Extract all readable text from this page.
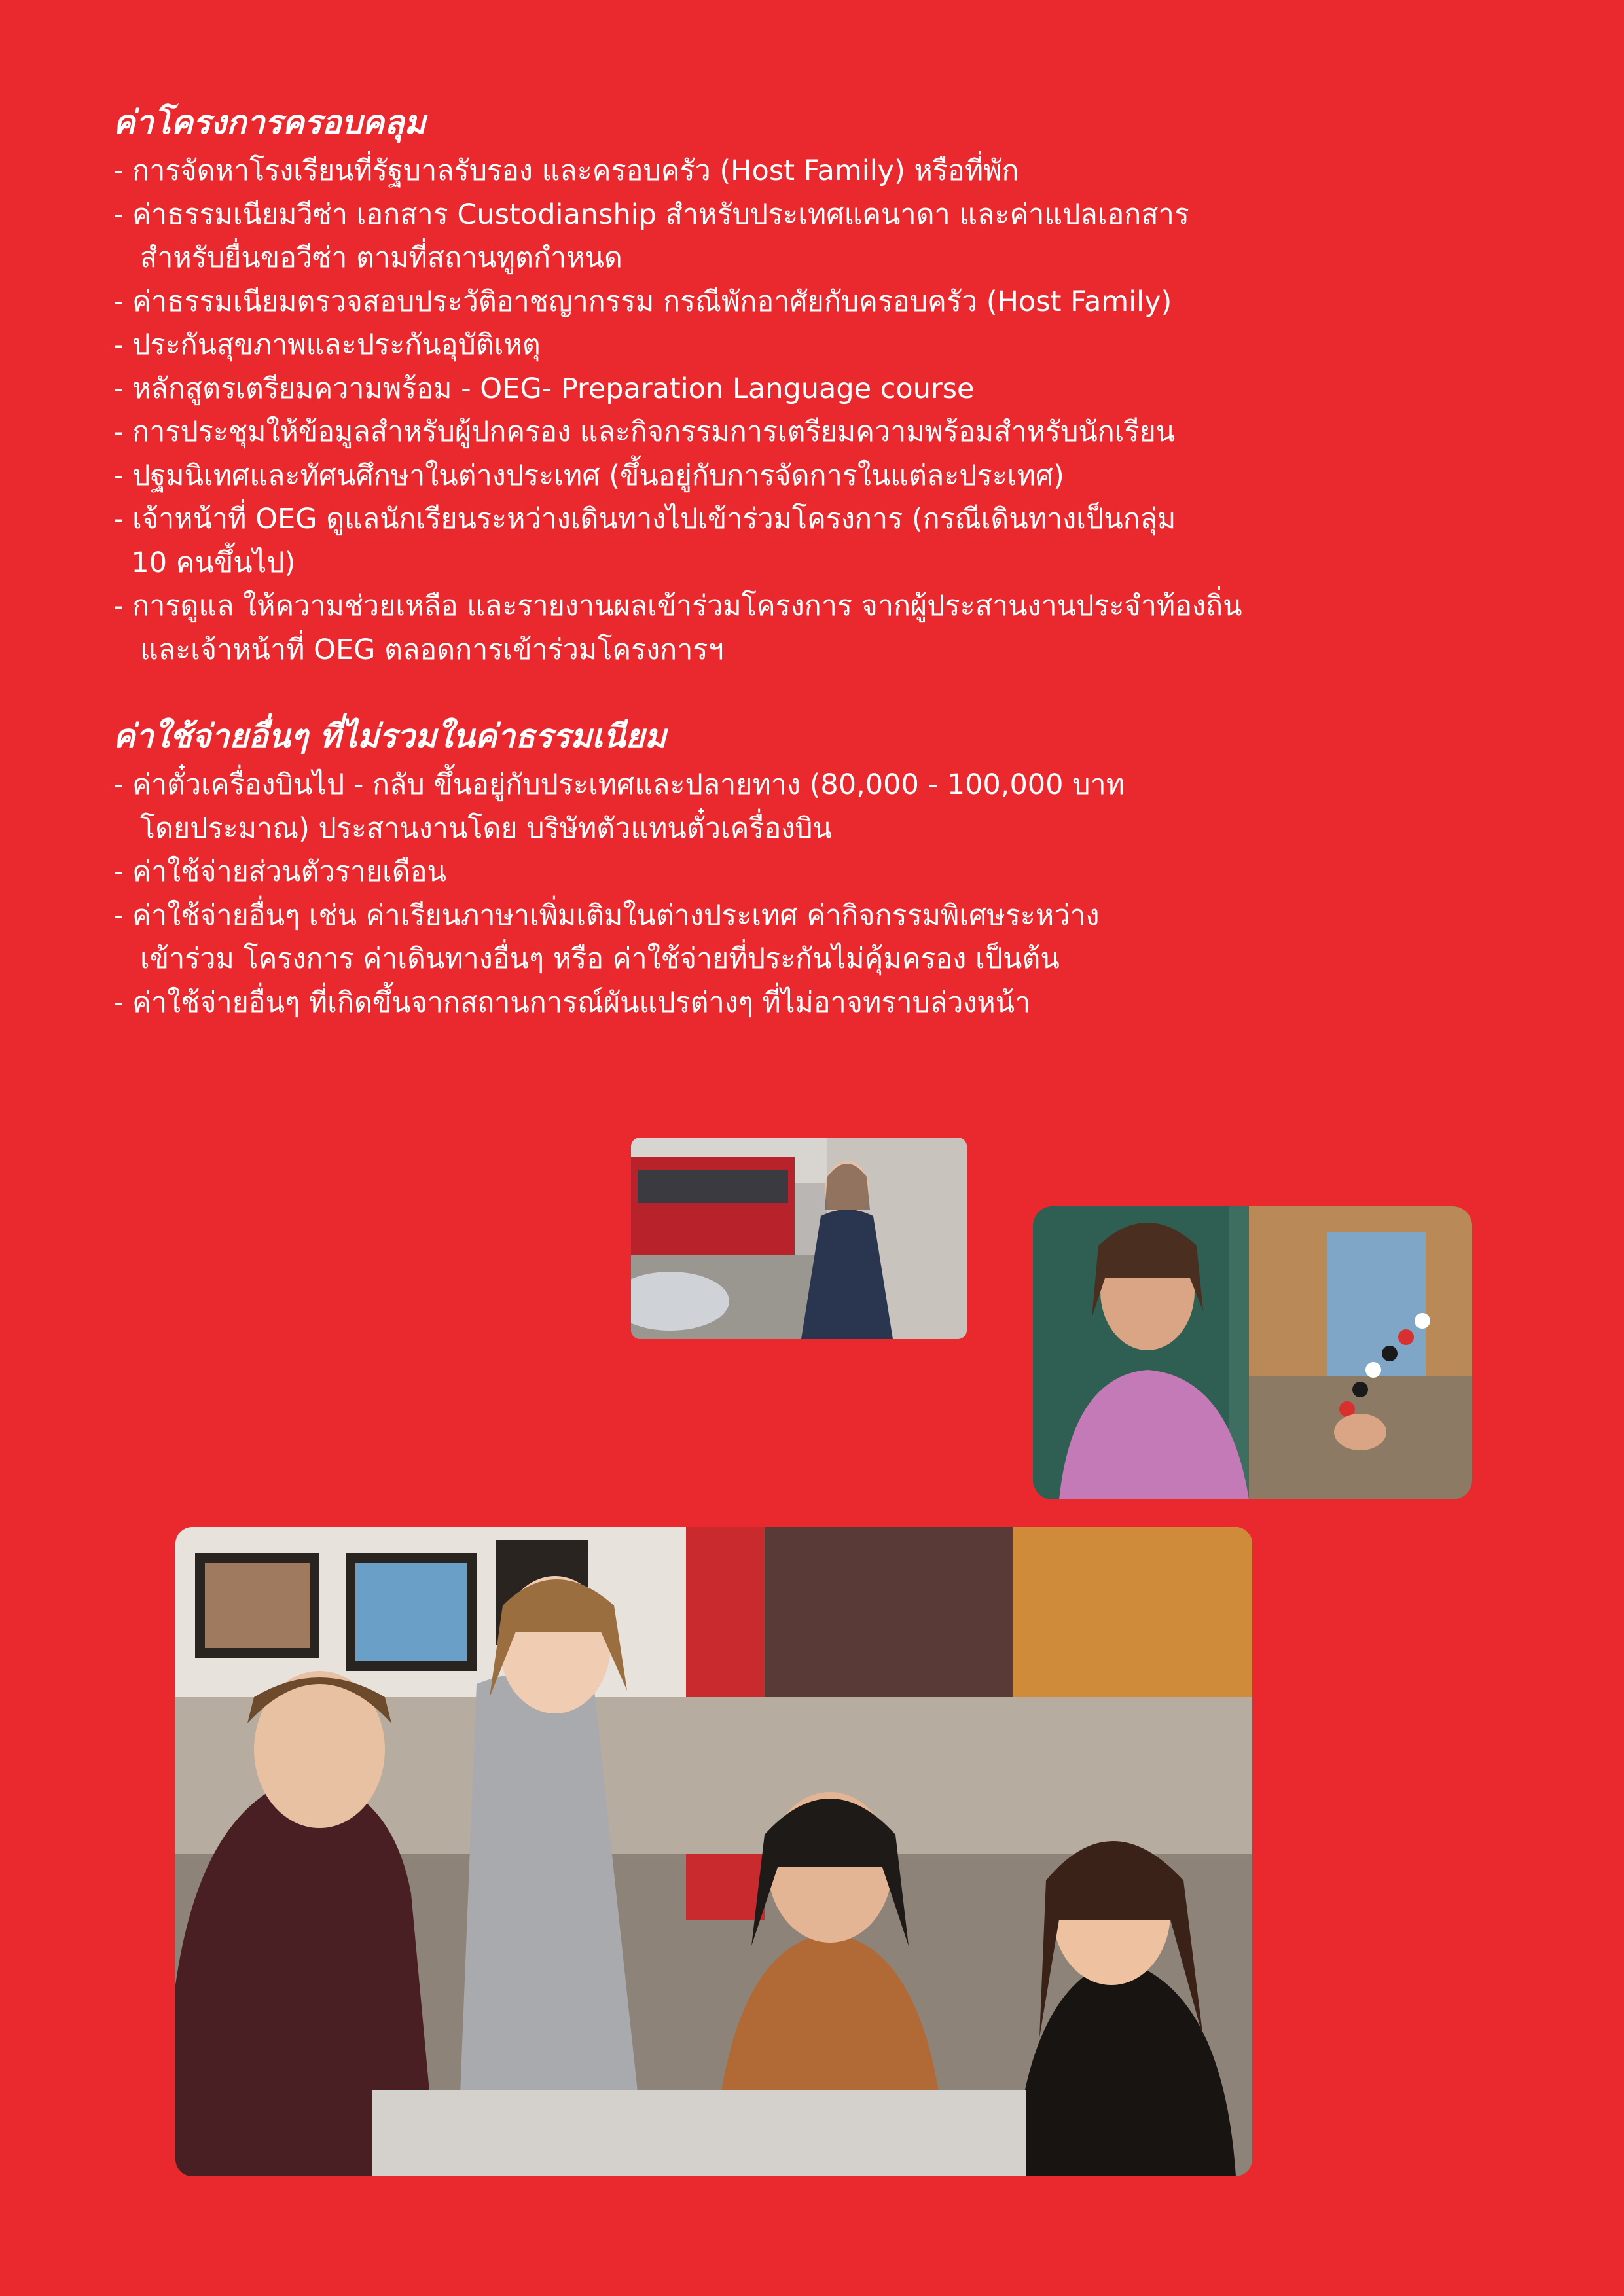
ค่าโครงการครอบคลุม
- การจัดหาโรงเรียนที่รัฐบาลรับรอง และครอบครัว (Host Family) หรือที่พัก
- ค่าธรรมเนียมวีซ่า เอกสาร Custodianship สำหรับประเทศแคนาดา และค่าแปลเอกสาร
สำหรับยื่นขอวีซ่า ตามที่สถานทูตกำหนด
- ค่าธรรมเนียมตรวจสอบประวัติอาชญากรรม กรณีพักอาศัยกับครอบครัว (Host Family)
- ประกันสุขภาพและประกันอุบัติเหตุ
- หลักสูตรเตรียมความพร้อม - OEG- Preparation Language course
- การประชุมให้ข้อมูลสำหรับผู้ปกครอง และกิจกรรมการเตรียมความพร้อมสำหรับนักเรียน
- ปฐมนิเทศและทัศนศึกษาในต่างประเทศ (ขึ้นอยู่กับการจัดการในแต่ละประเทศ)
- เจ้าหน้าที่ OEG ดูแลนักเรียนระหว่างเดินทางไปเข้าร่วมโครงการ (กรณีเดินทางเป็นกลุ่ม
10 คนขึ้นไป)
- การดูแล ให้ความช่วยเหลือ และรายงานผลเข้าร่วมโครงการ จากผู้ประสานงานประจำท้องถิ่น
และเจ้าหน้าที่ OEG ตลอดการเข้าร่วมโครงการฯ
ค่าใช้จ่ายอื่นๆ ที่ไม่รวมในค่าธรรมเนียม
- ค่าตั๋วเครื่องบินไป - กลับ ขึ้นอยู่กับประเทศและปลายทาง (80,000 - 100,000 บาท
โดยประมาณ) ประสานงานโดย บริษัทตัวแทนตั๋วเครื่องบิน
- ค่าใช้จ่ายส่วนตัวรายเดือน
- ค่าใช้จ่ายอื่นๆ เช่น ค่าเรียนภาษาเพิ่มเติมในต่างประเทศ ค่ากิจกรรมพิเศษระหว่าง
เข้าร่วม โครงการ ค่าเดินทางอื่นๆ หรือ ค่าใช้จ่ายที่ประกันไม่คุ้มครอง เป็นต้น
- ค่าใช้จ่ายอื่นๆ ที่เกิดขึ้นจากสถานการณ์ผันแปรต่างๆ ที่ไม่อาจทราบล่วงหน้า
